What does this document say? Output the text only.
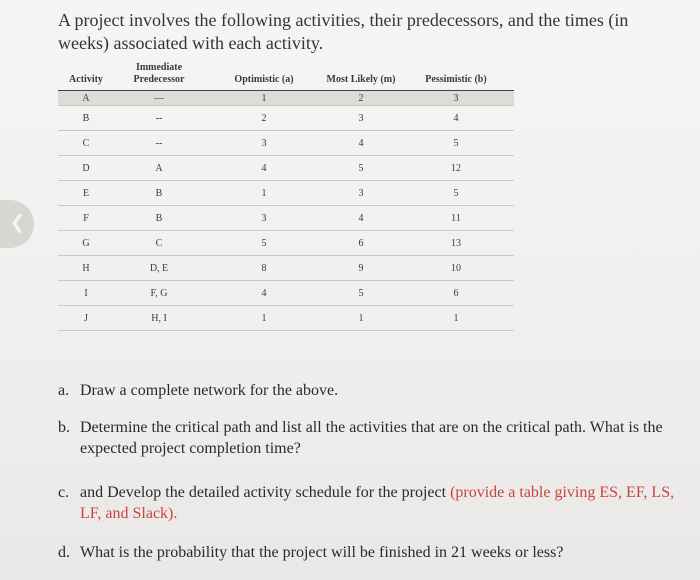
A project involves the following activities, their predecessors, and the times (in weeks) associated with each activity.
Activity	Immediate Predecessor	Optimistic (a)	Most Likely (m)	Pessimistic (b)
A	—	1	2	3
B	--	2	3	4
C	--	3	4	5
D	A	4	5	12
E	B	1	3	5
F	B	3	4	11
G	C	5	6	13
H	D, E	8	9	10
I	F, G	4	5	6
J	H, I	1	1	1
❮
a. Draw a complete network for the above.
b. Determine the critical path and list all the activities that are on the critical path. What is the expected project completion time?
c. and Develop the detailed activity schedule for the project (provide a table giving ES, EF, LS, LF, and Slack).
d. What is the probability that the project will be finished in 21 weeks or less?
